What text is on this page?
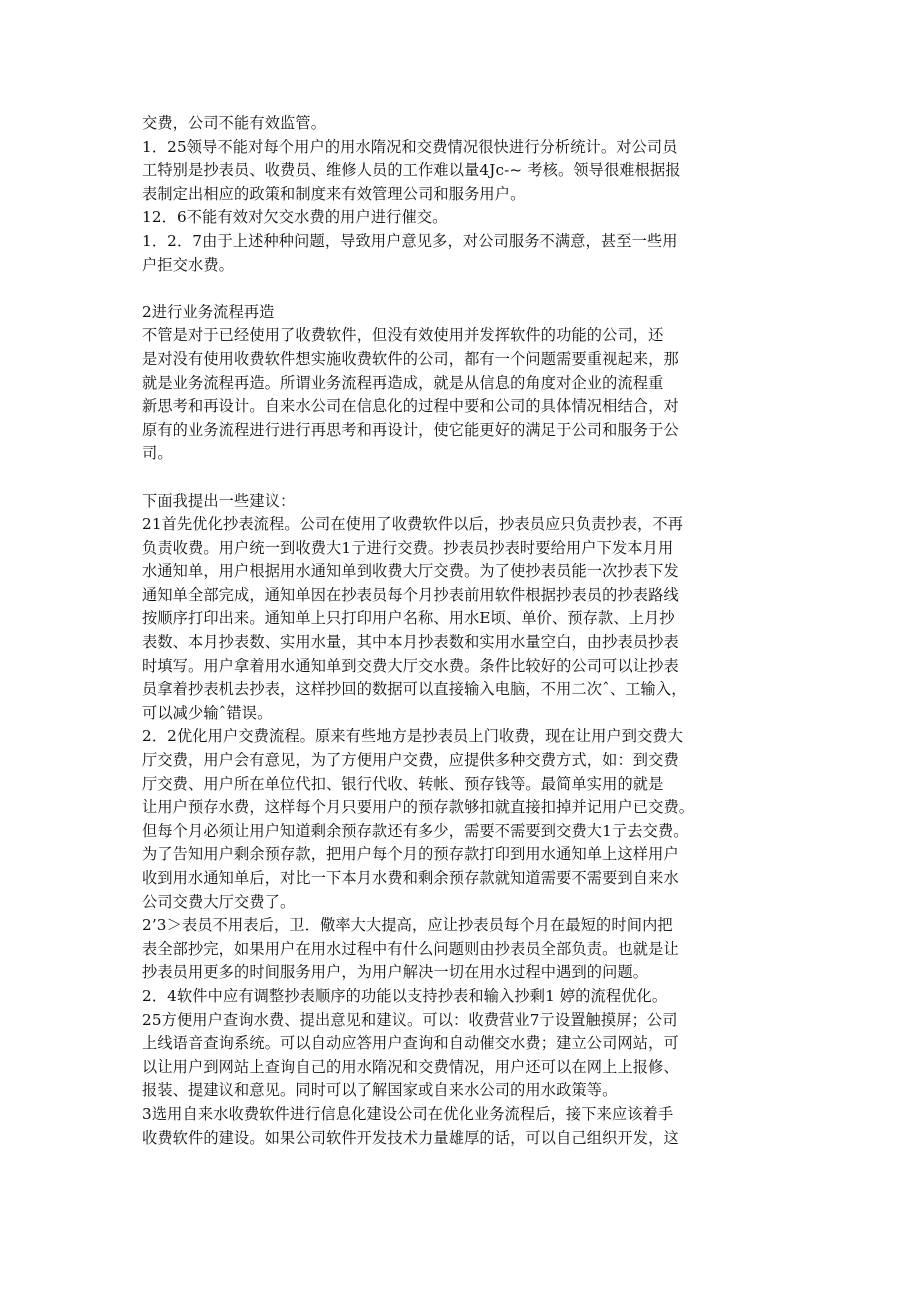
交费，公司不能有效监管。
1．25领导不能对每个用户的用水隋况和交费情况很快进行分析统计。对公司员
工特别是抄表员、收费员、维修人员的工作难以量4Jc-~ 考核。领导很难根据报
表制定出相应的政策和制度来有效管理公司和服务用户。
12．6不能有效对欠交水费的用户进行催交。
1．2．7由于上述种种问题，导致用户意见多，对公司服务不满意，甚至一些用
户拒交水费。
2进行业务流程再造
不管是对于已经使用了收费软件，但没有效使用并发挥软件的功能的公司，还
是对没有使用收费软件想实施收费软件的公司，都有一个问题需要重视起来，那
就是业务流程再造。所谓业务流程再造成，就是从信息的角度对企业的流程重
新思考和再设计。自来水公司在信息化的过程中要和公司的具体情况相结合，对
原有的业务流程进行进行再思考和再设计，使它能更好的满足于公司和服务于公
司。
下面我提出一些建议：
21首先优化抄表流程。公司在使用了收费软件以后，抄表员应只负责抄表，不再
负责收费。用户统一到收费大1亍进行交费。抄表员抄表时要给用户下发本月用
水通知单，用户根据用水通知单到收费大厅交费。为了使抄表员能一次抄表下发
通知单全部完成，通知单因在抄表员每个月抄表前用软件根据抄表员的抄表路线
按顺序打印出来。通知单上只打印用户名称、用水E顷、单价、预存款、上月抄
表数、本月抄表数、实用水量，其中本月抄表数和实用水量空白，由抄表员抄表
时填写。用户拿着用水通知单到交费大厅交水费。条件比较好的公司可以让抄表
员拿着抄表机去抄表，这样抄回的数据可以直接输入电脑，不用二次ˆ、工输入，
可以减少输ˆ错误。
2．2优化用户交费流程。原来有些地方是抄表员上门收费，现在让用户到交费大
厅交费，用户会有意见，为了方便用户交费，应提供多种交费方式，如：到交费
厅交费、用户所在单位代扣、银行代收、转帐、预存钱等。最简单实用的就是
让用户预存水费，这样每个月只要用户的预存款够扣就直接扣掉并记用户已交费。
但每个月必须让用户知道剩余预存款还有多少，需要不需要到交费大1亍去交费。
为了告知用户剩余预存款，把用户每个月的预存款打印到用水通知单上这样用户
收到用水通知单后，对比一下本月水费和剩余预存款就知道需要不需要到自来水
公司交费大厅交费了。
2’3＞表员不用表后，卫．儆率大大提高，应让抄表员每个月在最短的时间内把
表全部抄完，如果用户在用水过程中有什么问题则由抄表员全部负责。也就是让
抄表员用更多的时间服务用户，为用户解决一切在用水过程中遇到的问题。
2．4软件中应有调整抄表顺序的功能以支持抄表和输入抄剩1 婷的流程优化。
25方便用户查询水费、提出意见和建议。可以：收费营业7亍设置触摸屏；公司
上线语音查询系统。可以自动应答用户查询和自动催交水费；建立公司网站，可
以让用户到网站上查询自己的用水隋况和交费情况，用户还可以在网上上报修、
报装、提建议和意见。同时可以了解国家或自来水公司的用水政策等。
3选用自来水收费软件进行信息化建设公司在优化业务流程后，接下来应该着手
收费软件的建设。如果公司软件开发技术力量雄厚的话，可以自己组织开发，这
